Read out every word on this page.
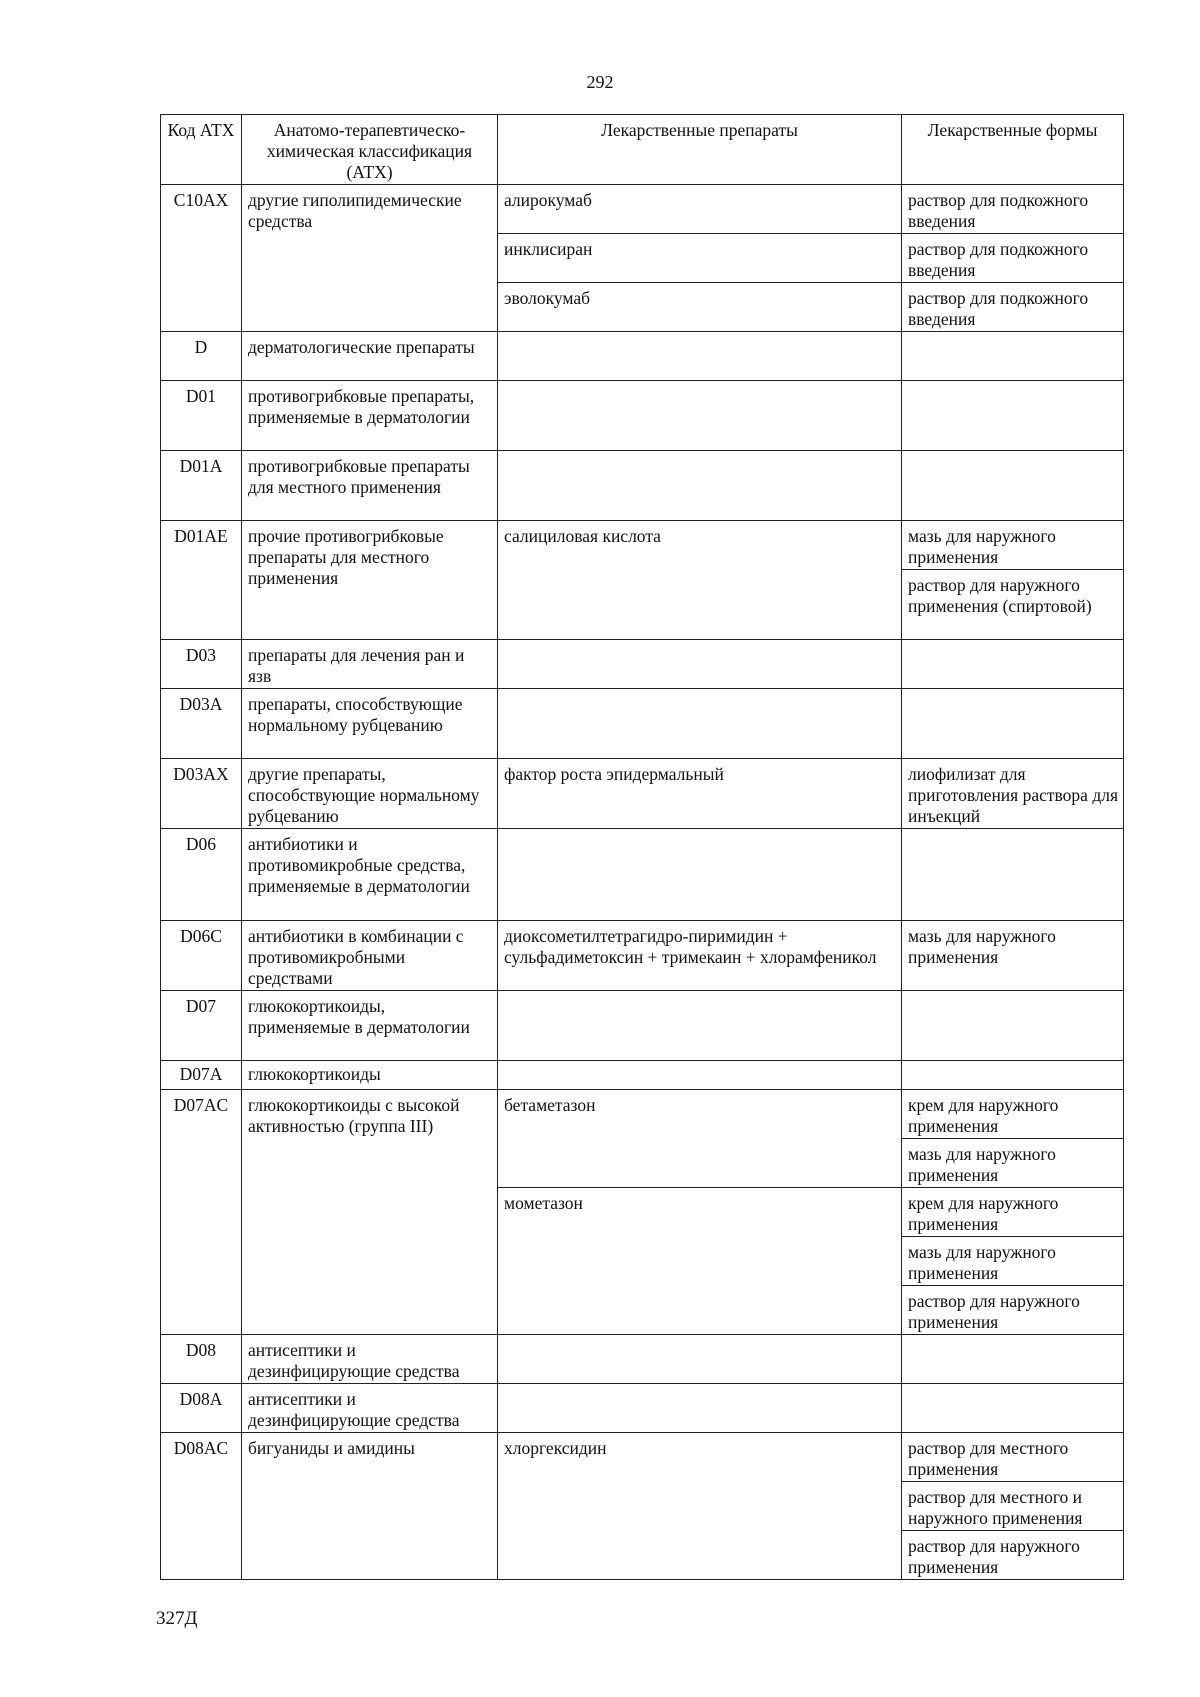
292
Код АТХ	Анатомо-терапевтическо-химическая классификация (АТХ)	Лекарственные препараты	Лекарственные формы
C10AX	другие гиполипидемические средства	алирокумаб	раствор для подкожного введения
		инклисиран	раствор для подкожного введения
		эволокумаб	раствор для подкожного введения
D	дерматологические препараты		
D01	противогрибковые препараты, применяемые в дерматологии		
D01A	противогрибковые препараты для местного применения		
D01AE	прочие противогрибковые препараты для местного применения	салициловая кислота	мазь для наружного применения
			раствор для наружного применения (спиртовой)
D03	препараты для лечения ран и язв		
D03A	препараты, способствующие нормальному рубцеванию		
D03AX	другие препараты, способствующие нормальному рубцеванию	фактор роста эпидермальный	лиофилизат для приготовления раствора для инъекций
D06	антибиотики и противомикробные средства, применяемые в дерматологии		
D06C	антибиотики в комбинации с противомикробными средствами	диоксометилтетрагидро-пиримидин + сульфадиметоксин + тримекаин + хлорамфеникол	мазь для наружного применения
D07	глюкокортикоиды, применяемые в дерматологии		
D07A	глюкокортикоиды		
D07AC	глюкокортикоиды с высокой активностью (группа III)	бетаметазон	крем для наружного применения
			мазь для наружного применения
		мометазон	крем для наружного применения
			мазь для наружного применения
			раствор для наружного применения
D08	антисептики и дезинфицирующие средства		
D08A	антисептики и дезинфицирующие средства		
D08AC	бигуаниды и амидины	хлоргексидин	раствор для местного применения
			раствор для местного и наружного применения
			раствор для наружного применения
327Д
